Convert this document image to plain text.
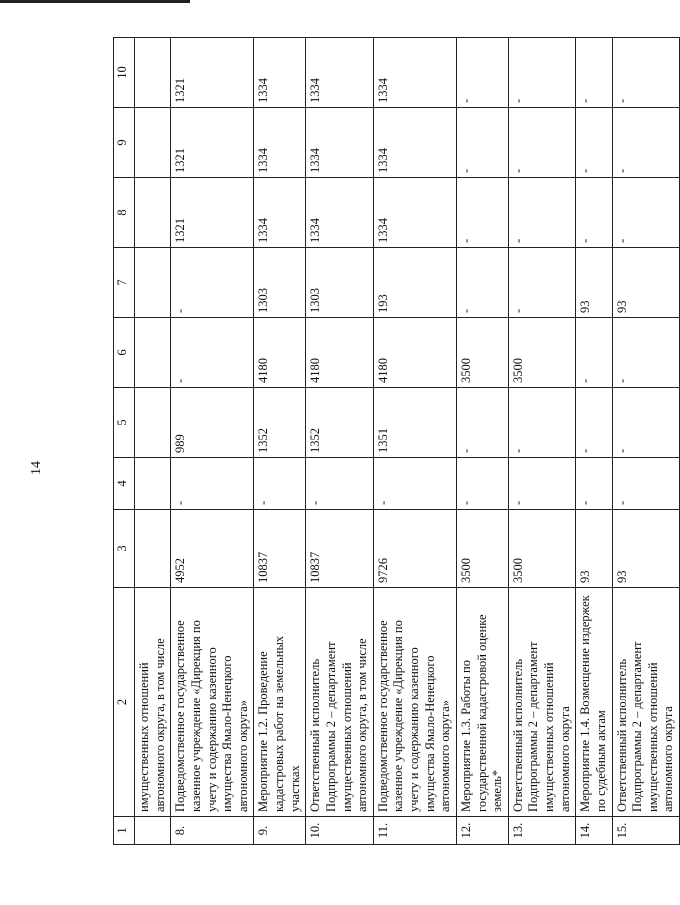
14
1	2	3	4	5	6	7	8	9	10
	имущественных отношений автономного округа, в том числе								
8.	Подведомственное государственное казенное учреждение «Дирекция по учету и содержанию казенного имущества Ямало-Ненецкого автономного округа»	4952	-	989	-	-	1321	1321	1321
9.	Мероприятие 1.2. Проведение кадастровых работ на земельных участках	10837	-	1352	4180	1303	1334	1334	1334
10.	Ответственный исполнитель Подпрограммы 2 – департамент имущественных отношений автономного округа, в том числе	10837	-	1352	4180	1303	1334	1334	1334
11.	Подведомственное государственное казенное учреждение «Дирекция по учету и содержанию казенного имущества Ямало-Ненецкого автономного округа»	9726	-	1351	4180	193	1334	1334	1334
12.	Мероприятие 1.3. Работы по государственной кадастровой оценке земель*	3500	-	-	3500	-	-	-	-
13.	Ответственный исполнитель Подпрограммы 2 – департамент имущественных отношений автономного округа	3500	-	-	3500	-	-	-	-
14.	Мероприятие 1.4. Возмещение издержек по судебным актам	93	-	-	-	93	-	-	-
15.	Ответственный исполнитель Подпрограммы 2 – департамент имущественных отношений автономного округа	93	-	-	-	93	-	-	-
